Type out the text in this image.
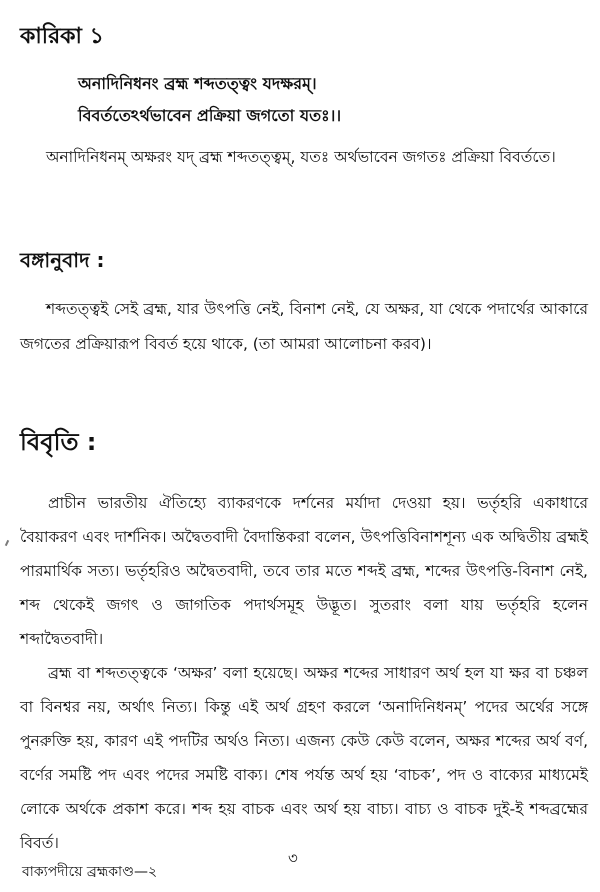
কারিকা ১
অনাদিনিধনং ব্রহ্ম শব্দতত্ত্বং যদক্ষরম্।
বিবর্ততেঽর্থভাবেন প্রক্রিয়া জগতো যতঃ।।
অনাদিনিধনম্ অক্ষরং যদ্ ব্রহ্ম শব্দতত্ত্বম্, যতঃ অর্থভাবেন জগতঃ প্রক্রিয়া বিবর্ততে।
বঙ্গানুবাদ :
শব্দতত্ত্বই সেই ব্রহ্ম, যার উৎপত্তি নেই, বিনাশ নেই, যে অক্ষর, যা থেকে পদার্থের আকারে জগতের প্রক্রিয়ারূপ বিবর্ত হয়ে থাকে, (তা আমরা আলোচনা করব)।
বিবৃতি :
প্রাচীন ভারতীয় ঐতিহ্যে ব্যাকরণকে দর্শনের মর্যাদা দেওয়া হয়। ভর্তৃহরি একাধারে বৈয়াকরণ এবং দার্শনিক। অদ্বৈতবাদী বৈদান্তিকরা বলেন, উৎপত্তিবিনাশশূন্য এক অদ্বিতীয় ব্রহ্মই পারমার্থিক সত্য। ভর্তৃহরিও অদ্বৈতবাদী, তবে তার মতে শব্দই ব্রহ্ম, শব্দের উৎপত্তি-বিনাশ নেই, শব্দ থেকেই জগৎ ও জাগতিক পদার্থসমূহ উদ্ভূত। সুতরাং বলা যায় ভর্তৃহরি হলেন শব্দাদ্বৈতবাদী।
ব্রহ্ম বা শব্দতত্ত্বকে ‘অক্ষর’ বলা হয়েছে। অক্ষর শব্দের সাধারণ অর্থ হল যা ক্ষর বা চঞ্চল বা বিনশ্বর নয়, অর্থাৎ নিত্য। কিন্তু এই অর্থ গ্রহণ করলে ‘অনাদিনিধনম্’ পদের অর্থের সঙ্গে পুনরুক্তি হয়, কারণ এই পদটির অর্থও নিত্য। এজন্য কেউ কেউ বলেন, অক্ষর শব্দের অর্থ বর্ণ, বর্ণের সমষ্টি পদ এবং পদের সমষ্টি বাক্য। শেষ পর্যন্ত অর্থ হয় ‘বাচক’, পদ ও বাক্যের মাধ্যমেই লোকে অর্থকে প্রকাশ করে। শব্দ হয় বাচক এবং অর্থ হয় বাচ্য। বাচ্য ও বাচক দুই-ই শব্দব্রহ্মের বিবর্ত।
৩
বাক্যপদীয়ে ব্রহ্মকাণ্ড—২
